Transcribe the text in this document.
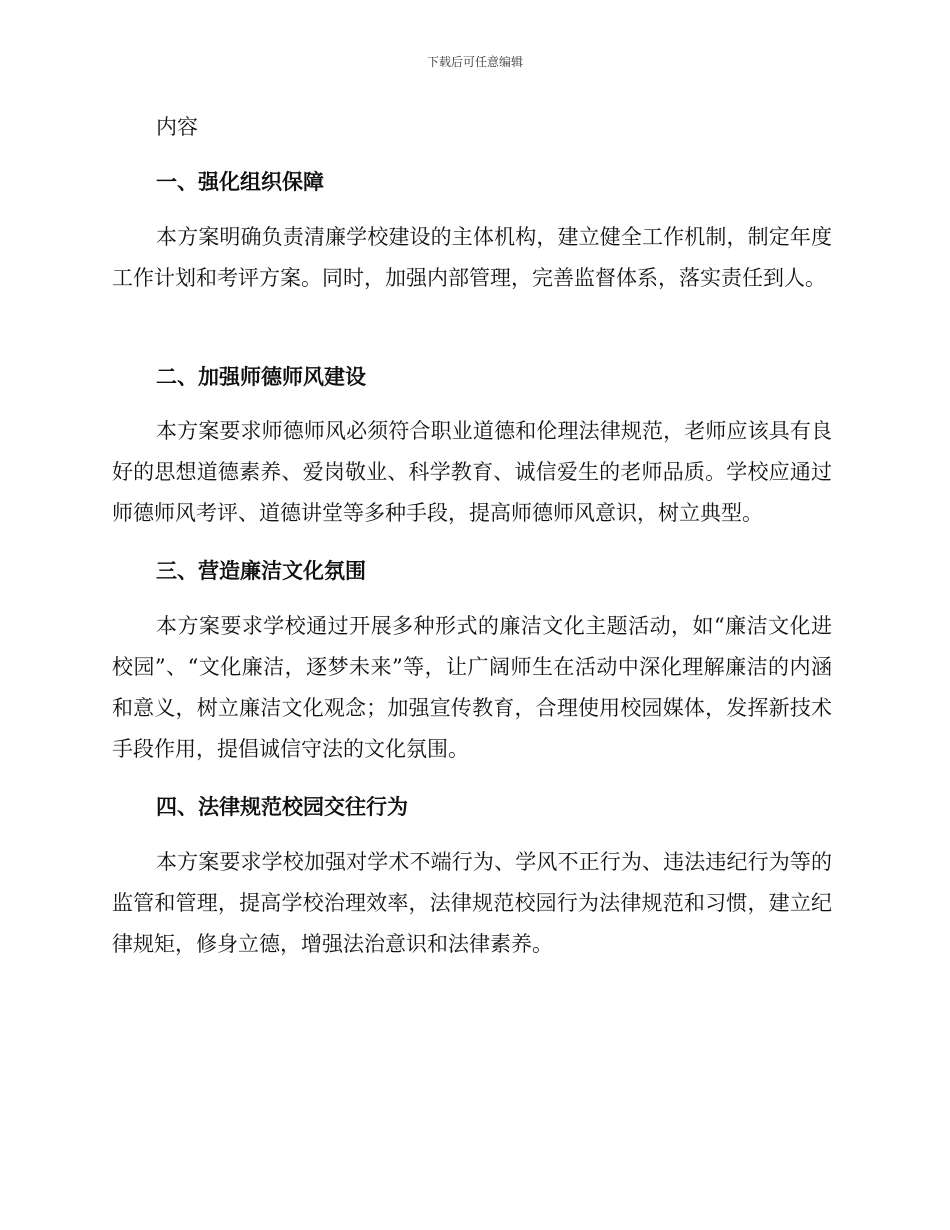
下载后可任意编辑
内容
一、强化组织保障

本方案明确负责清廉学校建设的主体机构，建立健全工作机制，制定年度工作计划和考评方案。同时，加强内部管理，完善监督体系，落实责任到人。

二、加强师德师风建设

本方案要求师德师风必须符合职业道德和伦理法律规范，老师应该具有良好的思想道德素养、爱岗敬业、科学教育、诚信爱生的老师品质。学校应通过师德师风考评、道德讲堂等多种手段，提高师德师风意识，树立典型。

三、营造廉洁文化氛围

本方案要求学校通过开展多种形式的廉洁文化主题活动，如“廉洁文化进校园”、“文化廉洁，逐梦未来”等，让广阔师生在活动中深化理解廉洁的内涵和意义，树立廉洁文化观念；加强宣传教育，合理使用校园媒体，发挥新技术手段作用，提倡诚信守法的文化氛围。

四、法律规范校园交往行为

本方案要求学校加强对学术不端行为、学风不正行为、违法违纪行为等的监管和管理，提高学校治理效率，法律规范校园行为法律规范和习惯，建立纪律规矩，修身立德，增强法治意识和法律素养。
